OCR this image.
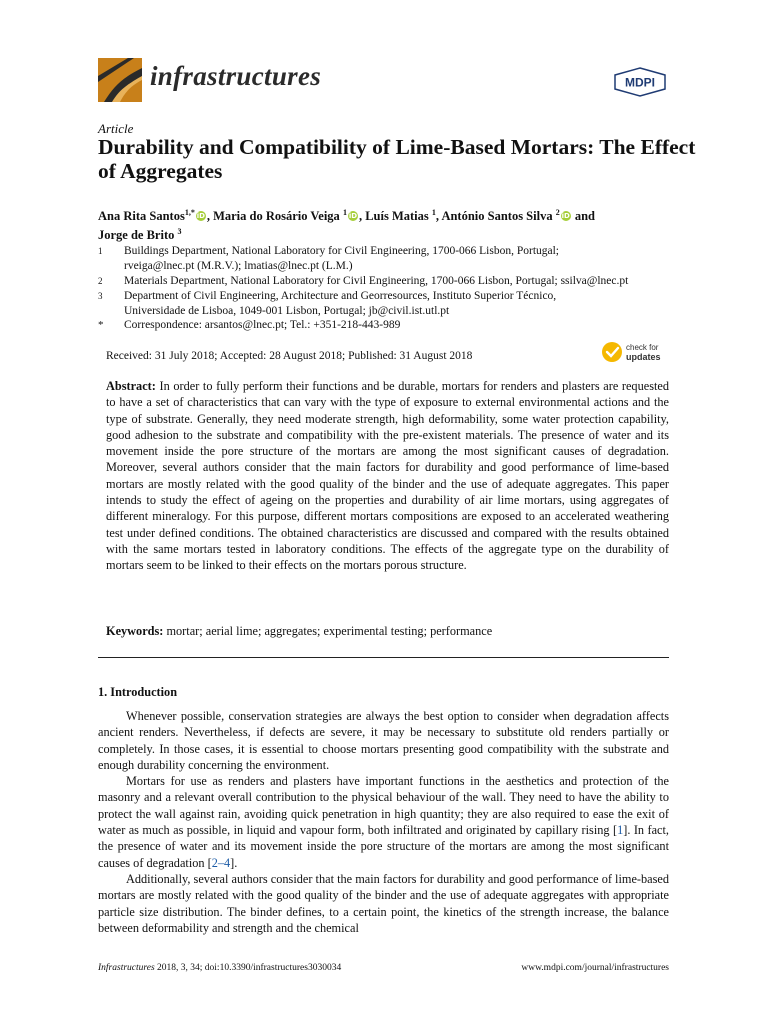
infrastructures	MDPI
Article
Durability and Compatibility of Lime-Based Mortars: The Effect of Aggregates
Ana Rita Santos$^{1,*}$ iD , Maria do Rosário Veiga $^1$ iD , Luís Matias $^1$, António Santos Silva $^2$ iD and
Jorge de Brito $^3$
1 Buildings Department, National Laboratory for Civil Engineering, 1700-066 Lisbon, Portugal;
rveiga@lnec.pt (M.R.V.); lmatias@lnec.pt (L.M.)
2 Materials Department, National Laboratory for Civil Engineering, 1700-066 Lisbon, Portugal; ssilva@lnec.pt
3 Department of Civil Engineering, Architecture and Georresources, Instituto Superior Técnico,
Universidade de Lisboa, 1049-001 Lisbon, Portugal; jb@civil.ist.utl.pt
* Correspondence: arsantos@lnec.pt; Tel.: +351-218-443-989
Received: 31 July 2018; Accepted: 28 August 2018; Published: 31 August 2018
check for
updates
Abstract: In order to fully perform their functions and be durable, mortars for renders and plasters are requested to have a set of characteristics that can vary with the type of exposure to external environmental actions and the type of substrate. Generally, they need moderate strength, high deformability, some water protection capability, good adhesion to the substrate and compatibility with the pre-existent materials. The presence of water and its movement inside the pore structure of the mortars are among the most significant causes of degradation. Moreover, several authors consider that the main factors for durability and good performance of lime-based mortars are mostly related with the good quality of the binder and the use of adequate aggregates. This paper intends to study the effect of ageing on the properties and durability of air lime mortars, using aggregates of different mineralogy. For this purpose, different mortars compositions are exposed to an accelerated weathering test under defined conditions. The obtained characteristics are discussed and compared with the results obtained with the same mortars tested in laboratory conditions. The effects of the aggregate type on the durability of mortars seem to be linked to their effects on the mortars porous structure.
Keywords: mortar; aerial lime; aggregates; experimental testing; performance
1. Introduction

Whenever possible, conservation strategies are always the best option to consider when degradation affects ancient renders. Nevertheless, if defects are severe, it may be necessary to substitute old renders partially or completely. In those cases, it is essential to choose mortars presenting good compatibility with the substrate and enough durability concerning the environment.

Mortars for use as renders and plasters have important functions in the aesthetics and protection of the masonry and a relevant overall contribution to the physical behaviour of the wall. They need to have the ability to protect the wall against rain, avoiding quick penetration in high quantity; they are also required to ease the exit of water as much as possible, in liquid and vapour form, both infiltrated and originated by capillary rising [1]. In fact, the presence of water and its movement inside the pore structure of the mortars are among the most significant causes of degradation [2–4].

Additionally, several authors consider that the main factors for durability and good performance of lime-based mortars are mostly related with the good quality of the binder and the use of adequate aggregates with appropriate particle size distribution. The binder defines, to a certain point, the kinetics of the strength increase, the balance between deformability and strength and the chemical

Infrastructures 2018, 3, 34; doi:10.3390/infrastructures3030034	www.mdpi.com/journal/infrastructures
